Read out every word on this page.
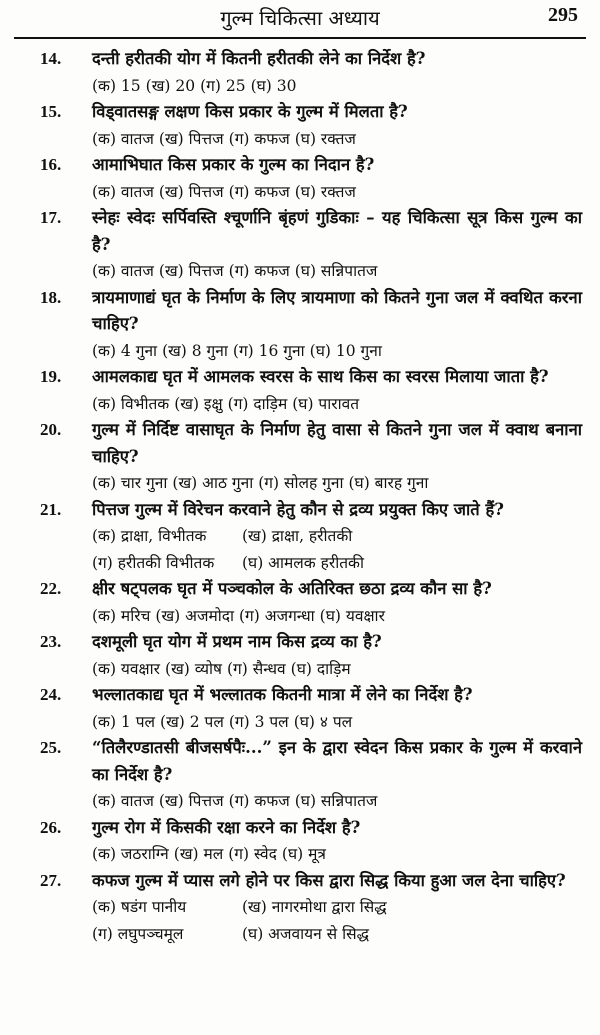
गुल्म चिकित्सा अध्याय	295
14. दन्ती हरीतकी योग में कितनी हरीतकी लेने का निर्देश है?
(क) 15 (ख) 20 (ग) 25 (घ) 30
15. विड्वातसङ्ग लक्षण किस प्रकार के गुल्म में मिलता है?
(क) वातज (ख) पित्तज (ग) कफज (घ) रक्तज
16. आमाभिघात किस प्रकार के गुल्म का निदान है?
(क) वातज (ख) पित्तज (ग) कफज (घ) रक्तज
17. स्नेहः स्वेदः सर्पिवस्ति श्चूर्णानि बृंहणं गुडिकाः – यह चिकित्सा सूत्र किस गुल्म का है?
(क) वातज (ख) पित्तज (ग) कफज (घ) सन्निपातज
18. त्रायमाणाद्यं घृत के निर्माण के लिए त्रायमाणा को कितने गुना जल में क्वथित करना चाहिए?
(क) 4 गुना (ख) 8 गुना (ग) 16 गुना (घ) 10 गुना
19. आमलकाद्य घृत में आमलक स्वरस के साथ किस का स्वरस मिलाया जाता है?
(क) विभीतक (ख) इक्षु (ग) दाड़िम (घ) पारावत
20. गुल्म में निर्दिष्ट वासाघृत के निर्माण हेतु वासा से कितने गुना जल में क्वाथ बनाना चाहिए?
(क) चार गुना (ख) आठ गुना (ग) सोलह गुना (घ) बारह गुना
21. पित्तज गुल्म में विरेचन करवाने हेतु कौन से द्रव्य प्रयुक्त किए जाते हैं?
(क) द्राक्षा, विभीतक	(ख) द्राक्षा, हरीतकी
(ग) हरीतकी विभीतक	(घ) आमलक हरीतकी
22. क्षीर षट्पलक घृत में पञ्चकोल के अतिरिक्त छठा द्रव्य कौन सा है?
(क) मरिच (ख) अजमोदा (ग) अजगन्धा (घ) यवक्षार
23. दशमूली घृत योग में प्रथम नाम किस द्रव्य का है?
(क) यवक्षार (ख) व्योष (ग) सैन्धव (घ) दाड़िम
24. भल्लातकाद्य घृत में भल्लातक कितनी मात्रा में लेने का निर्देश है?
(क) 1 पल (ख) 2 पल (ग) 3 पल (घ) ४ पल
25. “तिलैरण्डातसी बीजसर्षपैः...” इन के द्वारा स्वेदन किस प्रकार के गुल्म में करवाने का निर्देश है?
(क) वातज (ख) पित्तज (ग) कफज (घ) सन्निपातज
26. गुल्म रोग में किसकी रक्षा करने का निर्देश है?
(क) जठराग्नि (ख) मल (ग) स्वेद (घ) मूत्र
27. कफज गुल्म में प्यास लगे होने पर किस द्वारा सिद्ध किया हुआ जल देना चाहिए?
(क) षडंग पानीय	(ख) नागरमोथा द्वारा सिद्ध
(ग) लघुपञ्चमूल	(घ) अजवायन से सिद्ध
